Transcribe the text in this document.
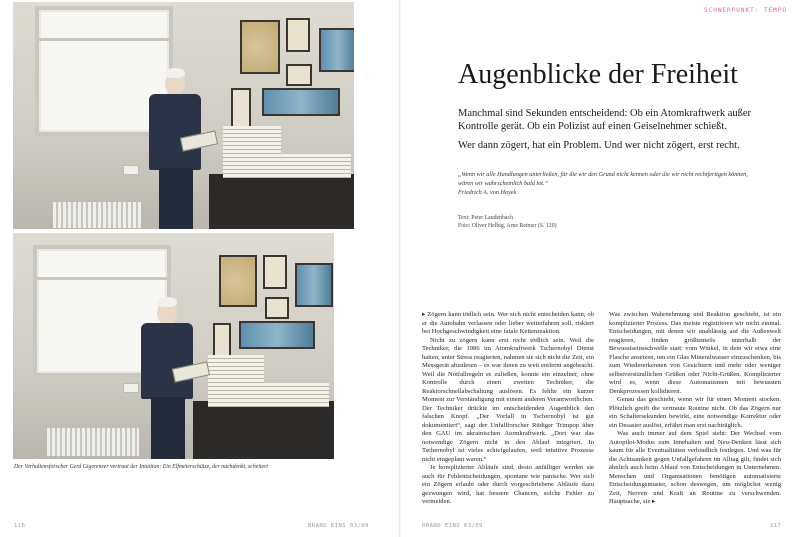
Der Verhaltensforscher Gerd Gigerenzer vertraut der Intuition: Ein Elfmeterschütze, der nachdenkt, scheitert
SCHWERPUNKT: TEMPO
Augenblicke der Freiheit

Manchmal sind Sekunden entscheidend: Ob ein Atomkraftwerk außer Kontrolle gerät. Ob ein Polizist auf einen Geiselnehmer schießt.

Wer dann zögert, hat ein Problem. Und wer nicht zögert, erst recht.

„Wenn wir alle Handlungen unterließen, für die wir den Grund nicht kennen oder die wir nicht rechtfertigen können, wären wir wahrscheinlich bald tot.“

Friedrich A. von Hayek
Text: Peter Laudenbach
Foto: Oliver Helbig, Arne Reimer (S. 120)

▸ Zögern kann tödlich sein. Wer sich nicht entscheiden kann, ob er die Autobahn verlassen oder lieber weiterfahren soll, riskiert bei Hochgeschwindigkeit eine fatale Kettenreaktion.

Nicht zu zögern kann erst recht tödlich sein. Weil die Techniker, die 1986 im Atomkraftwerk Tschernobyl Dienst hatten, unter Stress reagierten, nahmen sie sich nicht die Zeit, ein Messgerät abzulesen – es war ihnen zu weit entfernt angebracht. Weil die Notfallregeln es zuließen, konnte ein einzelner, ohne Kontrolle durch einen zweiten Techniker, die Reaktorschnellabschaltung auslösen. Es fehlte ein kurzer Moment zur Verständigung mit einem anderen Verantwortlichen. Der Techniker drückte im entscheidenden Augenblick den falschen Knopf. „Der Vorfall in Tschernobyl ist gut dokumentiert“, sagt der Unfallforscher Rüdiger Trimpop über den GAU im ukrainischen Atomkraftwerk. „Dort war das notwendige Zögern nicht in den Ablauf integriert. In Tschernobyl ist vieles schiefgelaufen, weil intuitive Prozesse nicht eingeplant waren.“

Je komplizierter Abläufe sind, desto anfälliger werden sie auch für Fehlentscheidungen, spontane wie panische. Wer sich ein Zögern erlaubt oder durch vorgeschriebene Abläufe dazu gezwungen wird, hat bessere Chancen, solche Fehler zu vermeiden.

Was zwischen Wahrnehmung und Reaktion geschieht, ist ein komplizierter Prozess. Das meiste registrieren wir nicht einmal. Entscheidungen, mit denen wir unablässig auf die Außenwelt reagieren, finden größtenteils unterhalb der Bewusstseinsschwelle statt: vom Winkel, in dem wir etwa eine Flasche ansetzen, um ein Glas Mineralwasser einzuschenken, bis zum Wiedererkennen von Gesichtern und mehr oder weniger selbstverständlichen Grüßen oder Nicht-Grüßen. Komplizierter wird es, wenn diese Automatismen mit bewussten Denkprozessen kollidieren.

Genau das geschieht, wenn wir für einen Moment stocken. Plötzlich greift die vertraute Routine nicht. Ob das Zögern nur ein Schaltersekunden bewirkt, eine notwendige Korrektur oder ein Desaster auslöst, erfährt man erst nachträglich.

Was auch immer auf dem Spiel steht: Der Wechsel vom Autopilot-Modus zum Innehalten und Neu-Denken lässt sich kaum für alle Eventualitäten verbindlich festlegen. Und was für die Achtsamkeit gegen Unfallgefahren im Alltag gilt, findet sich ähnlich auch beim Ablauf von Entscheidungen in Unternehmen. Menschen und Organisationen benötigen automatisierte Entscheidungsmuster, schon deswegen, um möglichst wenig Zeit, Nerven und Kraft an Routine zu verschwenden. Hauptsache, sie ▸

116	BRAND EINS 03/09	BRAND EINS 03/09	117
